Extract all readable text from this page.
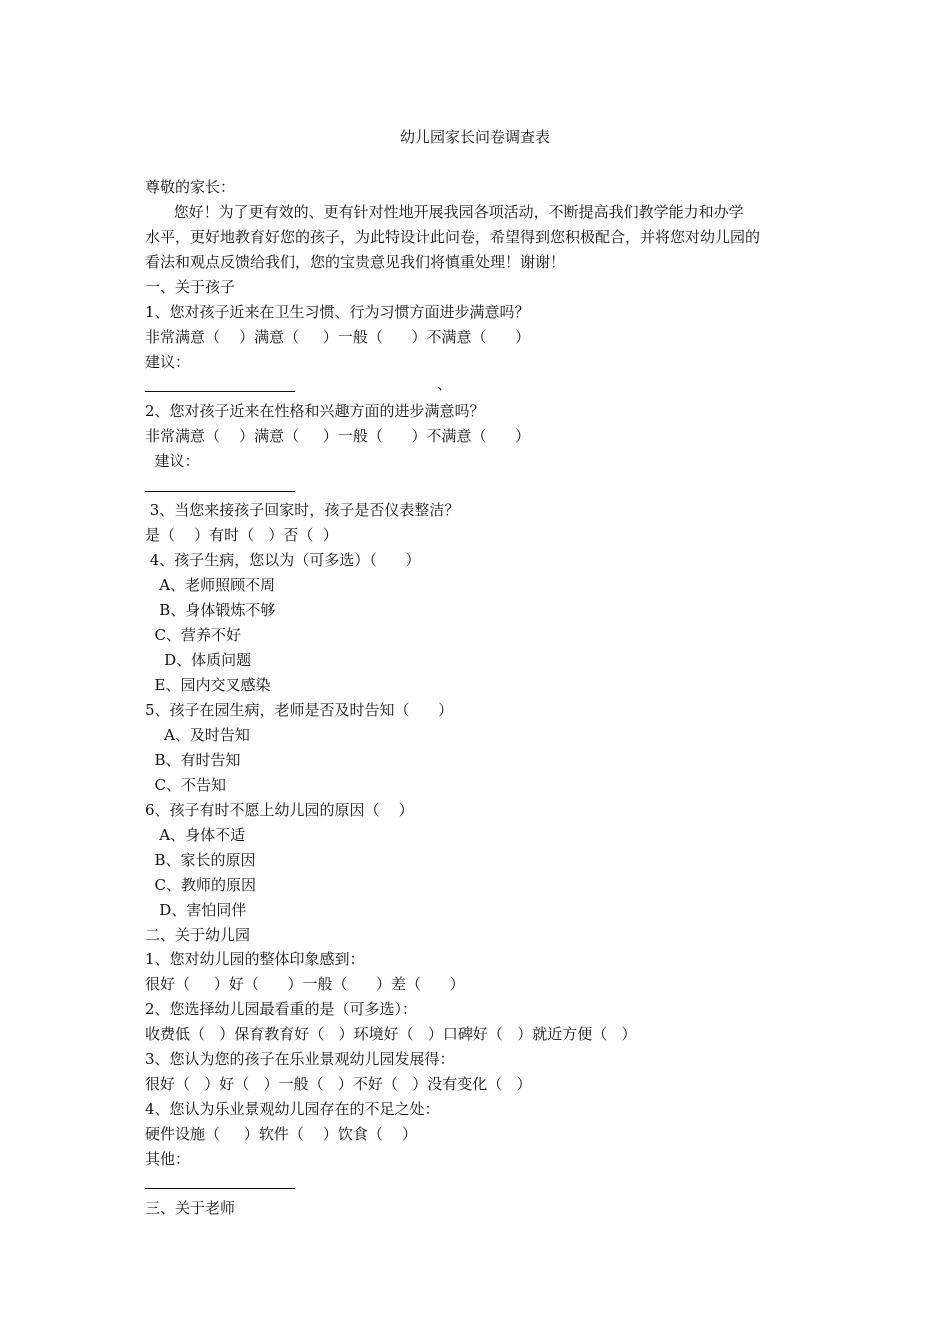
幼儿园家长问卷调查表
尊敬的家长：
您好！为了更有效的、更有针对性地开展我园各项活动，不断提高我们教学能力和办学
水平，更好地教育好您的孩子，为此特设计此问卷，希望得到您积极配合，并将您对幼儿园的
看法和观点反馈给我们，您的宝贵意见我们将慎重处理！谢谢！
一、关于孩子
1、您对孩子近来在卫生习惯、行为习惯方面进步满意吗？
非常满意（    ）满意（     ）一般（      ）不满意（      ）
建议：
、
2、您对孩子近来在性格和兴趣方面的进步满意吗？
非常满意（    ）满意（     ）一般（      ）不满意（      ）
建议：
3、当您来接孩子回家时，孩子是否仪表整洁？
是（    ）有时（   ）否（  ）
4、孩子生病，您以为（可多选）（      ）
A、老师照顾不周
B、身体锻炼不够
C、营养不好
D、体质问题
E、园内交叉感染
5、孩子在园生病，老师是否及时告知（      ）
A、及时告知
B、有时告知
C、不告知
6、孩子有时不愿上幼儿园的原因（    ）
A、身体不适
B、家长的原因
C、教师的原因
D、害怕同伴
二、关于幼儿园
1、您对幼儿园的整体印象感到：
很好（     ）好（      ）一般（      ）差（      ）
2、您选择幼儿园最看重的是（可多选）：
收费低（   ）保育教育好（   ）环境好（   ）口碑好（   ）就近方便（   ）
3、您认为您的孩子在乐业景观幼儿园发展得：
很好（   ）好（   ）一般（   ）不好（   ）没有变化（   ）
4、您认为乐业景观幼儿园存在的不足之处：
硬件设施（     ）软件（    ）饮食（    ）
其他：
三、关于老师
